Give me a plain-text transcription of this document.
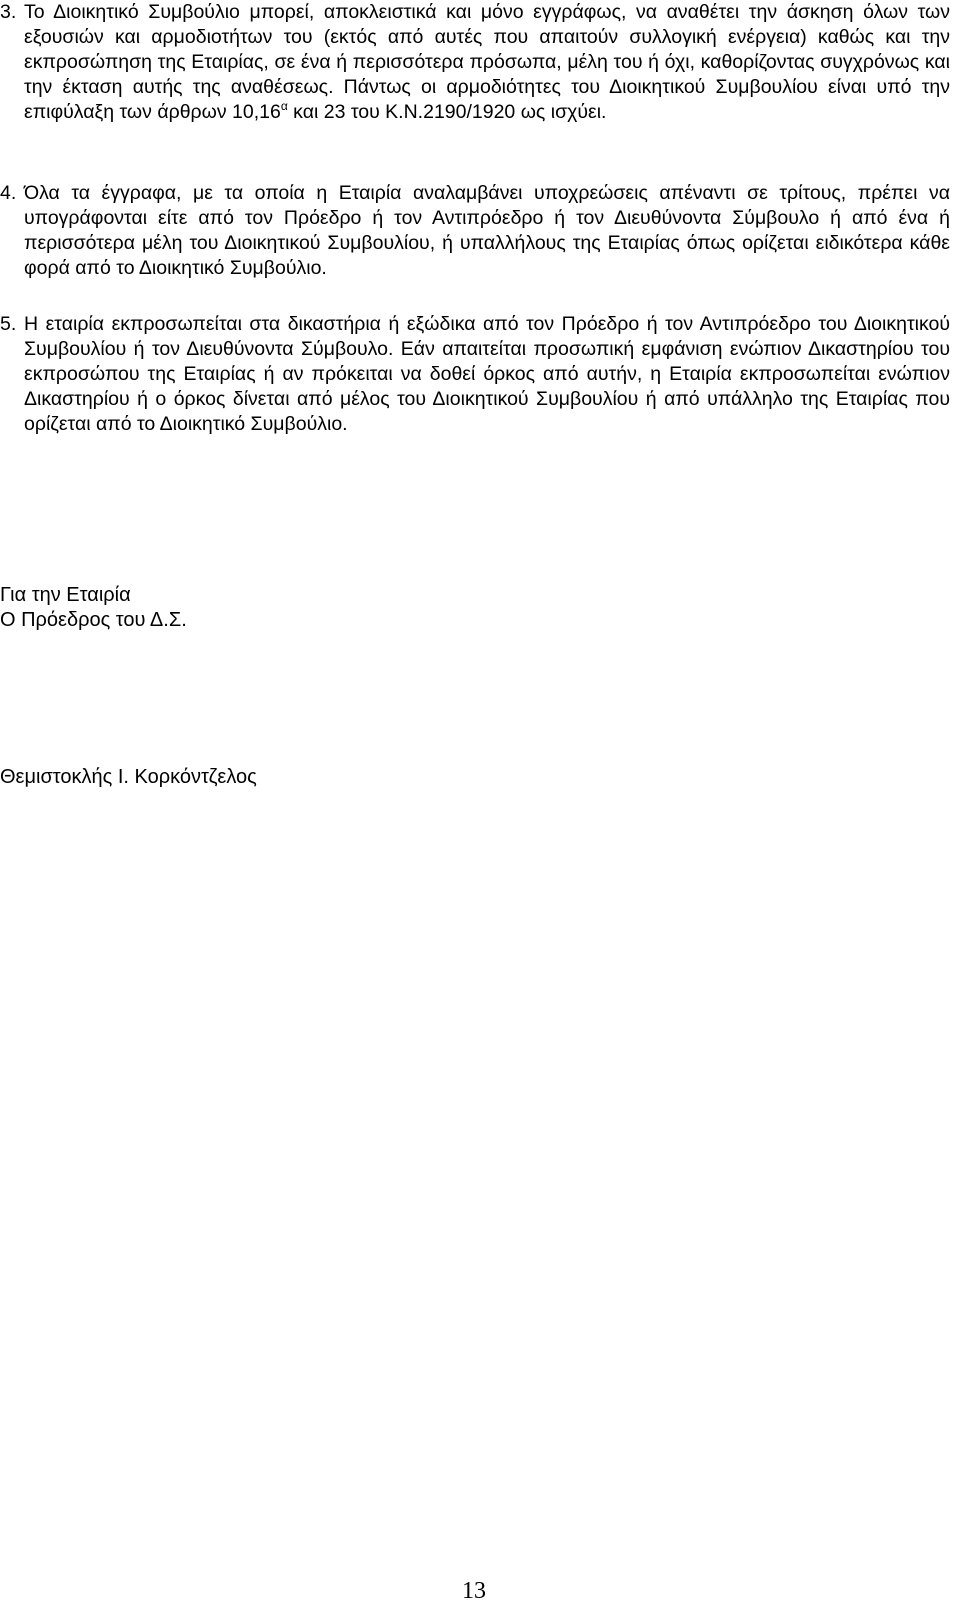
3. Το Διοικητικό Συμβούλιο μπορεί, αποκλειστικά και μόνο εγγράφως, να αναθέτει την άσκηση όλων των εξουσιών και αρμοδιοτήτων του (εκτός από αυτές που απαιτούν συλλογική ενέργεια) καθώς και την εκπροσώπηση της Εταιρίας, σε ένα ή περισσότερα πρόσωπα, μέλη του ή όχι, καθορίζοντας συγχρόνως και την έκταση αυτής της αναθέσεως. Πάντως οι αρμοδιότητες του Διοικητικού Συμβουλίου είναι υπό την επιφύλαξη των άρθρων $10,16^\alpha$ και 23 του Κ.Ν.2190/1920 ως ισχύει.
4. Όλα τα έγγραφα, με τα οποία η Εταιρία αναλαμβάνει υποχρεώσεις απέναντι σε τρίτους, πρέπει να υπογράφονται είτε από τον Πρόεδρο ή τον Αντιπρόεδρο ή τον Διευθύνοντα Σύμβουλο ή από ένα ή περισσότερα μέλη του Διοικητικού Συμβουλίου, ή υπαλλήλους της Εταιρίας όπως ορίζεται ειδικότερα κάθε φορά από το Διοικητικό Συμβούλιο.
5. Η εταιρία εκπροσωπείται στα δικαστήρια ή εξώδικα από τον Πρόεδρο ή τον Αντιπρόεδρο του Διοικητικού Συμβουλίου ή τον Διευθύνοντα Σύμβουλο. Εάν απαιτείται προσωπική εμφάνιση ενώπιον Δικαστηρίου του εκπροσώπου της Εταιρίας ή αν πρόκειται να δοθεί όρκος από αυτήν, η Εταιρία εκπροσωπείται ενώπιον Δικαστηρίου ή ο όρκος δίνεται από μέλος του Διοικητικού Συμβουλίου ή από υπάλληλο της Εταιρίας που ορίζεται από το Διοικητικό Συμβούλιο.
Για την Εταιρία
Ο Πρόεδρος του Δ.Σ.
Θεμιστοκλής Ι. Κορκόντζελος
13
